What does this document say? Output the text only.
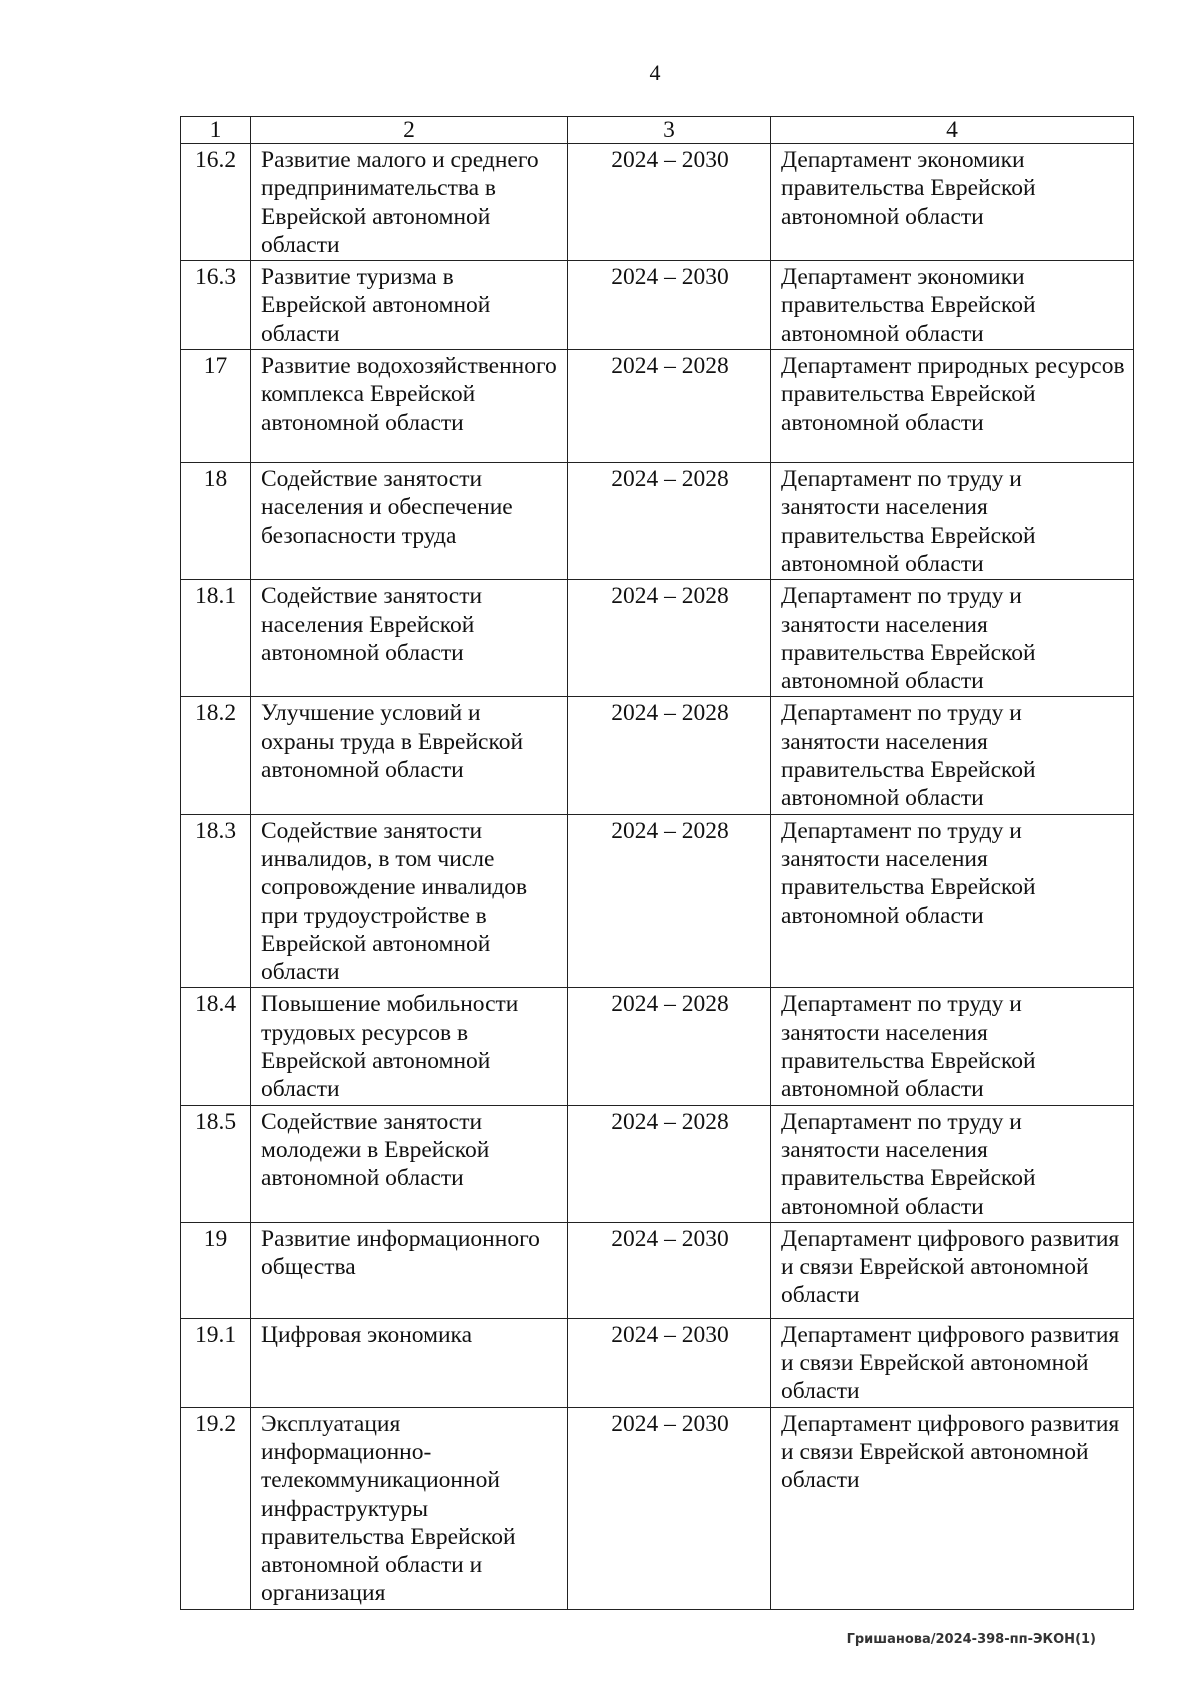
4
1	2	3	4
16.2	Развитие малого и среднего предпринимательства в Еврейской автономной области	2024 – 2030	Департамент экономики правительства Еврейской автономной области
16.3	Развитие туризма в Еврейской автономной области	2024 – 2030	Департамент экономики правительства Еврейской автономной области
17	Развитие водохозяйственного комплекса Еврейской автономной области	2024 – 2028	Департамент природных ресурсов правительства Еврейской автономной области
18	Содействие занятости населения и обеспечение безопасности труда	2024 – 2028	Департамент по труду и занятости населения правительства Еврейской автономной области
18.1	Содействие занятости населения Еврейской автономной области	2024 – 2028	Департамент по труду и занятости населения правительства Еврейской автономной области
18.2	Улучшение условий и охраны труда в Еврейской автономной области	2024 – 2028	Департамент по труду и занятости населения правительства Еврейской автономной области
18.3	Содействие занятости инвалидов, в том числе сопровождение инвалидов при трудоустройстве в Еврейской автономной области	2024 – 2028	Департамент по труду и занятости населения правительства Еврейской автономной области
18.4	Повышение мобильности трудовых ресурсов в Еврейской автономной области	2024 – 2028	Департамент по труду и занятости населения правительства Еврейской автономной области
18.5	Содействие занятости молодежи в Еврейской автономной области	2024 – 2028	Департамент по труду и занятости населения правительства Еврейской автономной области
19	Развитие информационного общества	2024 – 2030	Департамент цифрового развития и связи Еврейской автономной области
19.1	Цифровая экономика	2024 – 2030	Департамент цифрового развития и связи Еврейской автономной области
19.2	Эксплуатация информационно-телекоммуникационной инфраструктуры правительства Еврейской автономной области и организация	2024 – 2030	Департамент цифрового развития и связи Еврейской автономной области
Гришанова/2024-398-пп-ЭКОН(1)
